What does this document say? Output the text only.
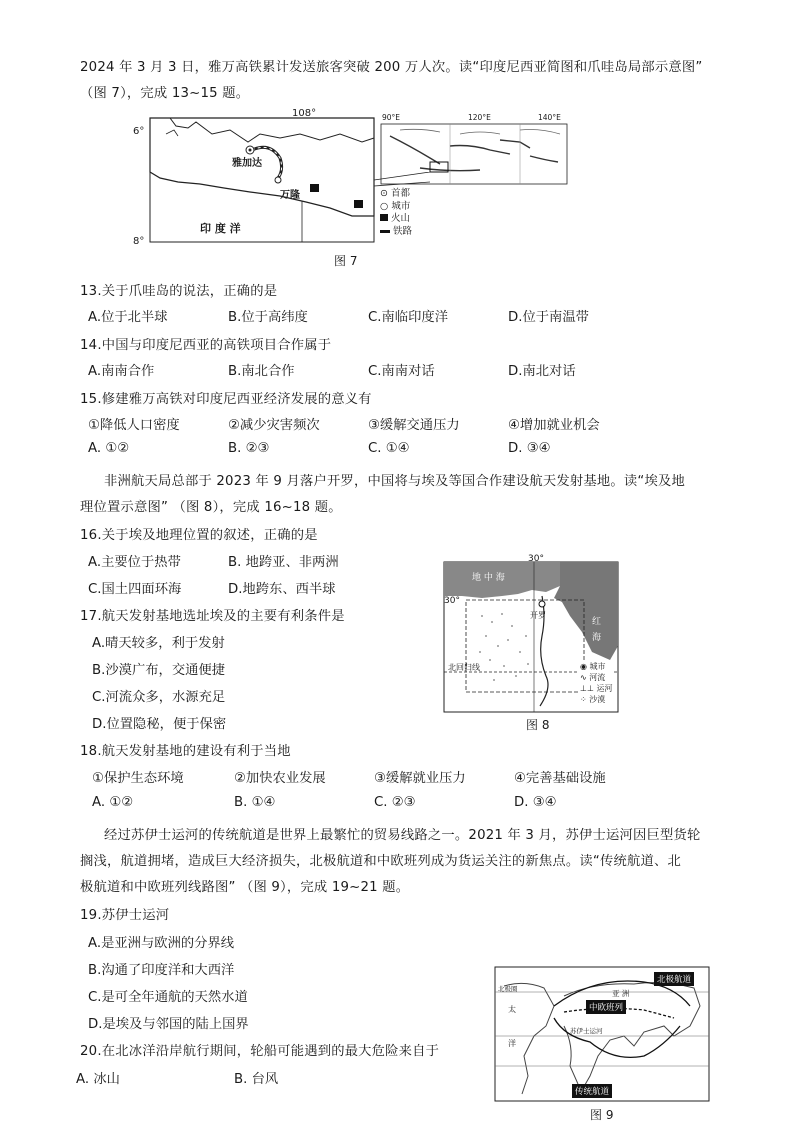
2024 年 3 月 3 日，雅万高铁累计发送旅客突破 200 万人次。读“印度尼西亚简图和爪哇岛局部示意图”
（图 7），完成 13~15 题。
6°
8°
108°
雅加达
万隆
印 度 洋
⊙ 首都
○ 城市
火山
铁路
90°E	120°E	140°E
图 7
13.关于爪哇岛的说法，正确的是
A.位于北半球	B.位于高纬度	C.南临印度洋	D.位于南温带
14.中国与印度尼西亚的高铁项目合作属于
A.南南合作	B.南北合作	C.南南对话	D.南北对话
15.修建雅万高铁对印度尼西亚经济发展的意义有
①降低人口密度	②减少灾害频次	③缓解交通压力	④增加就业机会
A. ①②	B. ②③	C. ①④	D. ③④
非洲航天局总部于 2023 年 9 月落户开罗，中国将与埃及等国合作建设航天发射基地。读“埃及地
理位置示意图” （图 8），完成 16~18 题。
16.关于埃及地理位置的叙述，正确的是
A.主要位于热带	B. 地跨亚、非两洲
C.国土四面环海	D.地跨东、西半球
17.航天发射基地选址埃及的主要有利条件是
A.晴天较多，利于发射
B.沙漠广布，交通便捷
C.河流众多，水源充足
D.位置隐秘，便于保密
30°
30°
地 中 海
开罗
红 海
北回归线	◉ 城市
∿ 河流
⊥⊥ 运河
⁘ 沙漠
图 8
18.航天发射基地的建设有利于当地
①保护生态环境	②加快农业发展	③缓解就业压力	④完善基础设施
A. ①②	B. ①④	C. ②③	D. ③④
经过苏伊士运河的传统航道是世界上最繁忙的贸易线路之一。2021 年 3 月，苏伊士运河因巨型货轮
搁浅，航道拥堵，造成巨大经济损失，北极航道和中欧班列成为货运关注的新焦点。读“传统航道、北
极航道和中欧班列线路图” （图 9），完成 19~21 题。
19.苏伊士运河
A.是亚洲与欧洲的分界线
B.沟通了印度洋和大西洋
C.是可全年通航的天然水道
D.是埃及与邻国的陆上国界
20.在北冰洋沿岸航行期间，轮船可能遇到的最大危险来自于
A. 冰山	B. 台风
北极航道
中欧班列
传统航道
亚 洲
苏伊士运河
北极圈
太
洋
图 9
